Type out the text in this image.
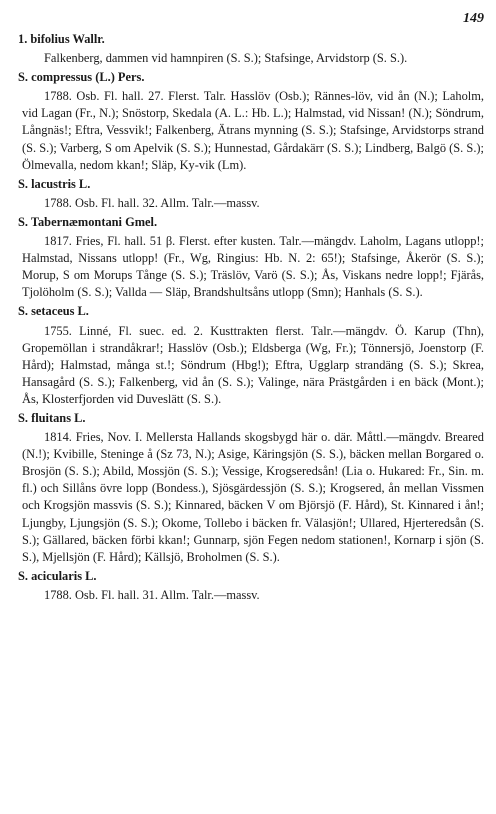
149
1. bifolius Wallr.
Falkenberg, dammen vid hamnpiren (S. S.); Stafsinge, Arvidstorp (S. S.).
S. compressus (L.) Pers.
1788. Osb. Fl. hall. 27. Flerst. Talr. Hasslöv (Osb.); Rännes-löv, vid ån (N.); Laholm, vid Lagan (Fr., N.); Snöstorp, Skedala (A. L.: Hb. L.); Halmstad, vid Nissan! (N.); Söndrum, Långnäs!; Eftra, Vessvik!; Falkenberg, Ätrans mynning (S. S.); Stafsinge, Arvidstorps strand (S. S.); Varberg, S om Apelvik (S. S.); Hunnestad, Gårdakärr (S. S.); Lindberg, Balgö (S. S.); Ölmevalla, nedom kkan!; Släp, Ky-vik (Lm).
S. lacustris L.
1788. Osb. Fl. hall. 32. Allm. Talr.—massv.
S. Tabernæmontani Gmel.
1817. Fries, Fl. hall. 51 β. Flerst. efter kusten. Talr.—mängdv. Laholm, Lagans utlopp!; Halmstad, Nissans utlopp! (Fr., Wg, Ringius: Hb. N. 2: 65!); Stafsinge, Åkerör (S. S.); Morup, S om Morups Tånge (S. S.); Träslöv, Varö (S. S.); Ås, Viskans nedre lopp!; Fjärås, Tjolöholm (S. S.); Vallda — Släp, Brandshultsåns utlopp (Smn); Hanhals (S. S.).
S. setaceus L.
1755. Linné, Fl. suec. ed. 2. Kusttrakten flerst. Talr.—mängdv. Ö. Karup (Thn), Gropemöllan i strandåkrar!; Hasslöv (Osb.); Eldsberga (Wg, Fr.); Tönnersjö, Joenstorp (F. Hård); Halmstad, många st.!; Söndrum (Hbg!); Eftra, Ugglarp strandäng (S. S.); Skrea, Hansagård (S. S.); Falkenberg, vid ån (S. S.); Valinge, nära Prästgården i en bäck (Mont.); Ås, Klosterfjorden vid Duveslätt (S. S.).
S. fluitans L.
1814. Fries, Nov. I. Mellersta Hallands skogsbygd här o. där. Måttl.—mängdv. Breared (N.!); Kvibille, Steninge å (Sz 73, N.); Asige, Käringsjön (S. S.), bäcken mellan Borgared o. Brosjön (S. S.); Abild, Mossjön (S. S.); Vessige, Krogseredsån! (Lia o. Hukared: Fr., Sin. m. fl.) och Sillåns övre lopp (Bondess.), Sjösgärdessjön (S. S.); Krogsered, ån mellan Vissmen och Krogsjön massvis (S. S.); Kinnared, bäcken V om Björsjö (F. Hård), St. Kinnared i ån!; Ljungby, Ljungsjön (S. S.); Okome, Tollebo i bäcken fr. Välasjön!; Ullared, Hjerteredsån (S. S.); Gällared, bäcken förbi kkan!; Gunnarp, sjön Fegen nedom stationen!, Kornarp i sjön (S. S.), Mjellsjön (F. Hård); Källsjö, Broholmen (S. S.).
S. acicularis L.
1788. Osb. Fl. hall. 31. Allm. Talr.—massv.
